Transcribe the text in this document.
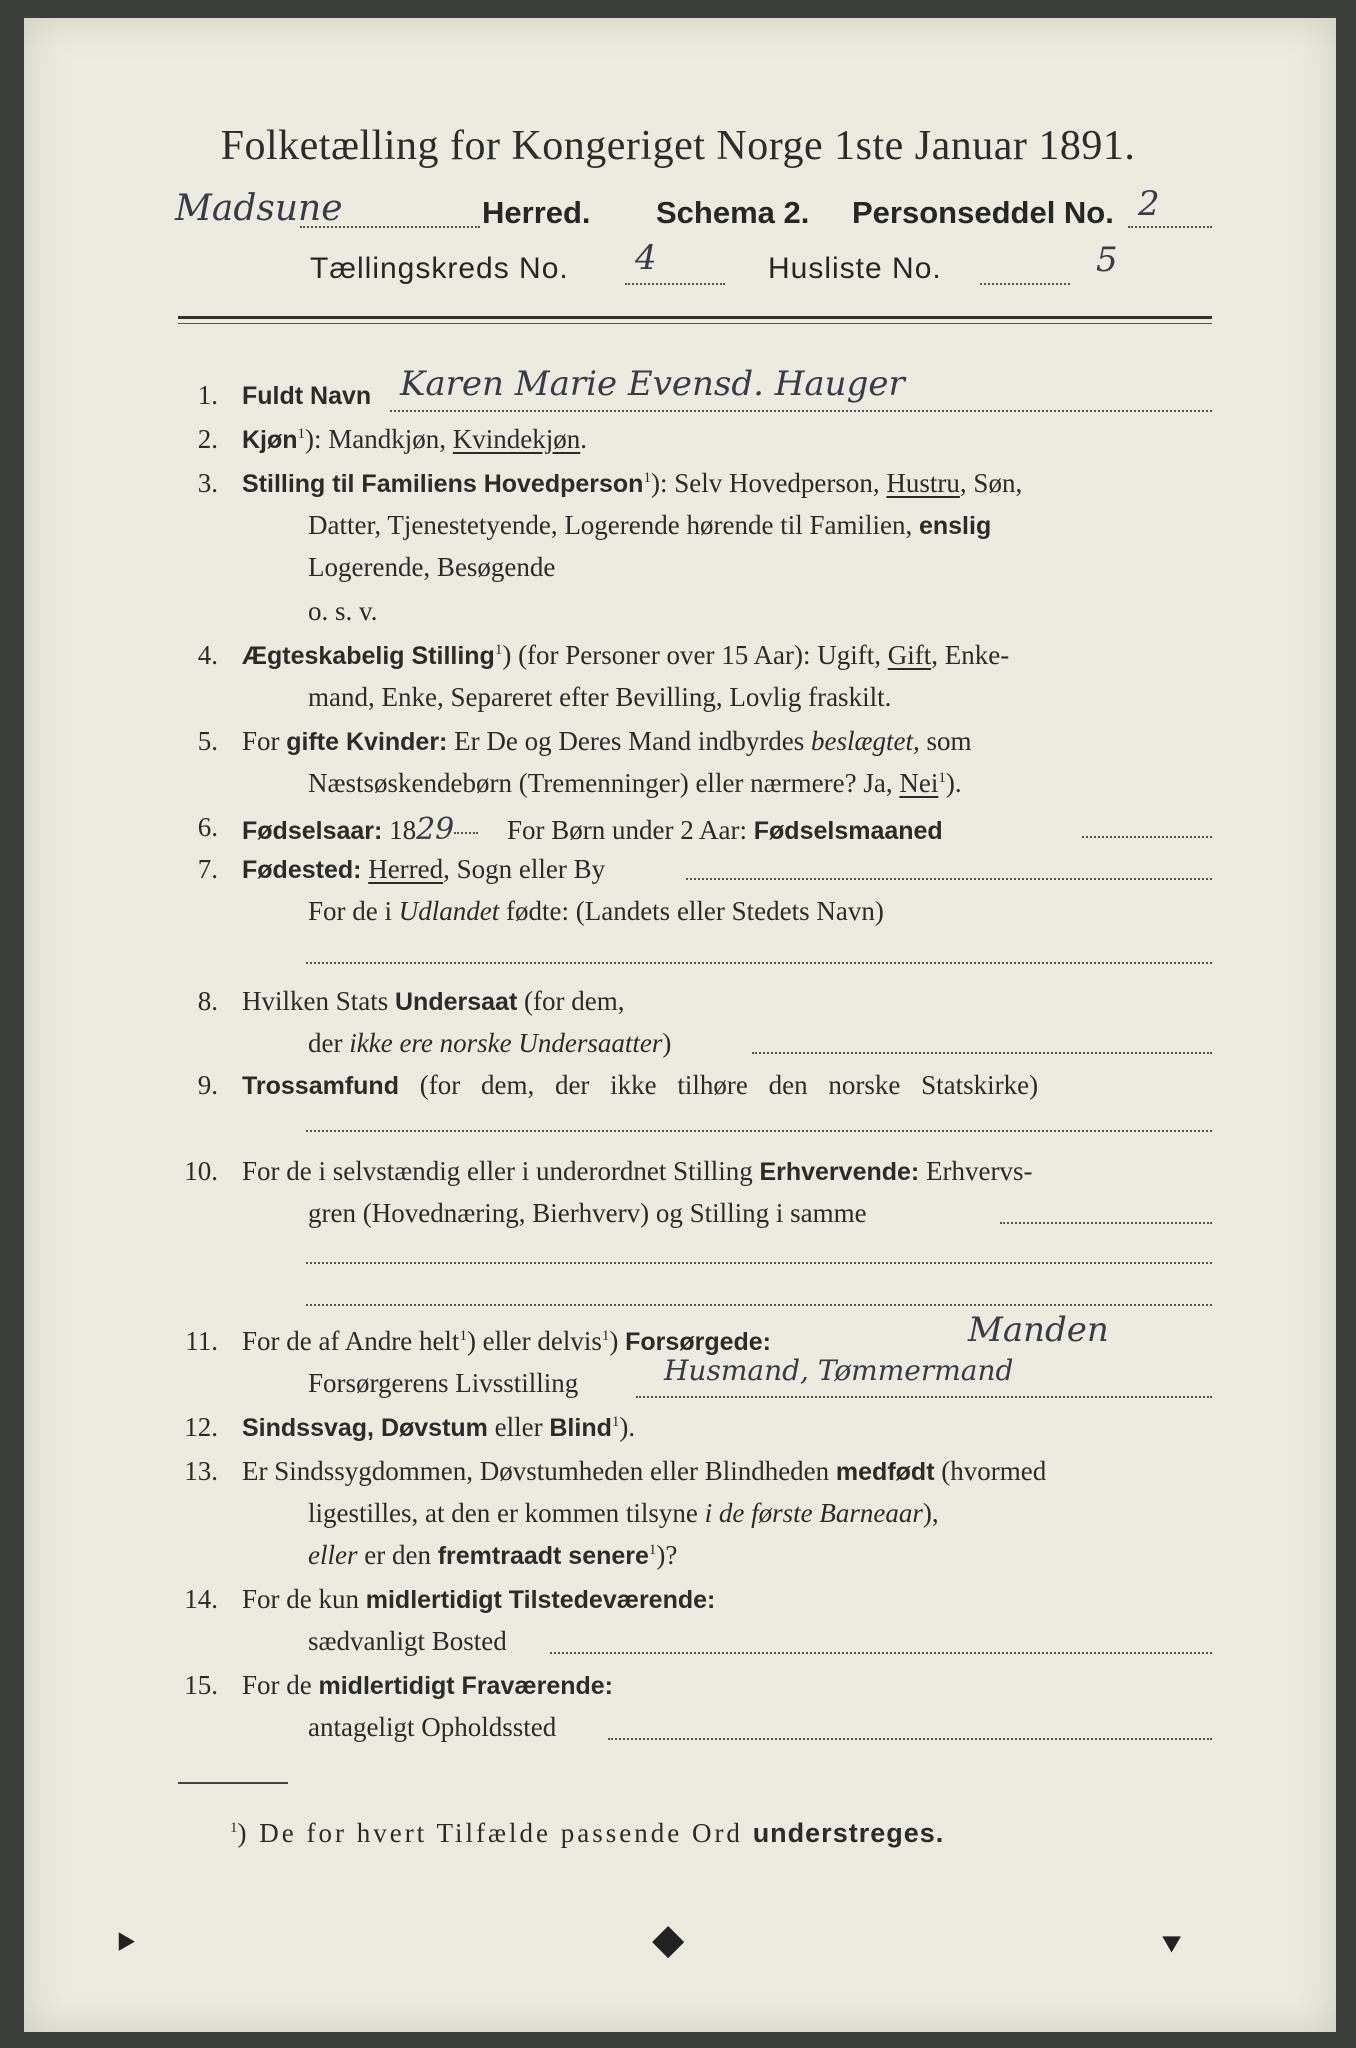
Folketælling for Kongeriget Norge 1ste Januar 1891.
Madsune	Herred. Schema 2. Personseddel No. 2
Tællingskreds No. 4	Husliste No.	5
1. Fuldt Navn Karen Marie Evensd. Hauger
2. Kjøn$^1$): Mandkjøn, Kvindekjøn.
3. Stilling til Familiens Hovedperson$^1$): Selv Hovedperson, Hustru, Søn,
Datter, Tjenestetyende, Logerende hørende til Familien, enslig
Logerende, Besøgende
o. s. v.
4. Ægteskabelig Stilling$^1$) (for Personer over 15 Aar): Ugift, Gift, Enke-
mand, Enke, Separeret efter Bevilling, Lovlig fraskilt.
5. For gifte Kvinder: Er De og Deres Mand indbyrdes beslægtet, som
Næstsøskendebørn (Tremenninger) eller nærmere? Ja, Nei$^1$).
6. Fødselsaar: 1829 For Børn under 2 Aar: Fødselsmaaned
7. Fødested: Herred, Sogn eller By
For de i Udlandet fødte: (Landets eller Stedets Navn)
8. Hvilken Stats Undersaat (for dem,
der ikke ere norske Undersaatter)
9. Trossamfund (for dem, der ikke tilhøre den norske Statskirke)
10. For de i selvstændig eller i underordnet Stilling Erhvervende: Erhvervs-
gren (Hovednæring, Bierhverv) og Stilling i samme
11. For de af Andre helt$^1$) eller delvis$^1$) Forsørgede:	Manden
Forsørgerens Livsstilling	Husmand, Tømmermand
12. Sindssvag, Døvstum eller Blind$^1$).
13. Er Sindssygdommen, Døvstumheden eller Blindheden medfødt (hvormed
ligestilles, at den er kommen tilsyne i de første Barneaar),
eller er den fremtraadt senere$^1$)?
14. For de kun midlertidigt Tilstedeværende:
sædvanligt Bosted
15. For de midlertidigt Fraværende:
antageligt Opholdssted
$^1$) De for hvert Tilfælde passende Ord understreges.
⯈	◆	⯆
